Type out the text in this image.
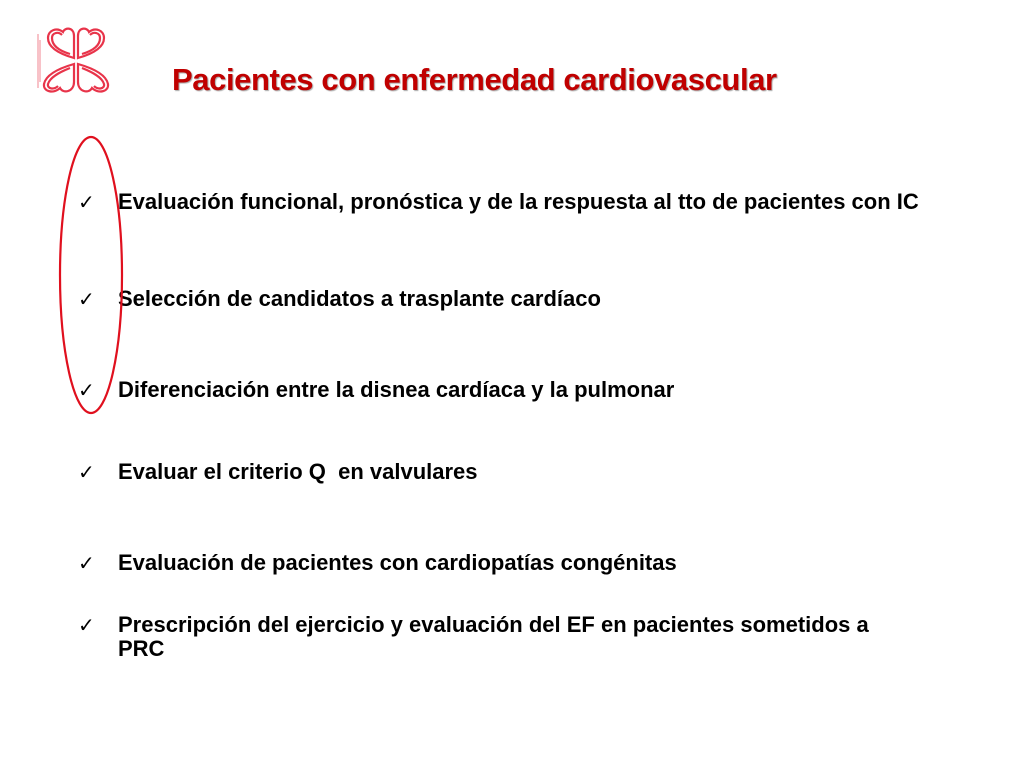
Pacientes con enfermedad cardiovascular
✓	Evaluación funcional, pronóstica y de la respuesta al tto de pacientes con IC
✓	Selección de candidatos a trasplante cardíaco
✓	Diferenciación entre la disnea cardíaca y la pulmonar
✓	Evaluar el criterio Q  en valvulares
✓	Evaluación de pacientes con cardiopatías congénitas
✓	Prescripción del ejercicio y evaluación del EF en pacientes sometidos a PRC
